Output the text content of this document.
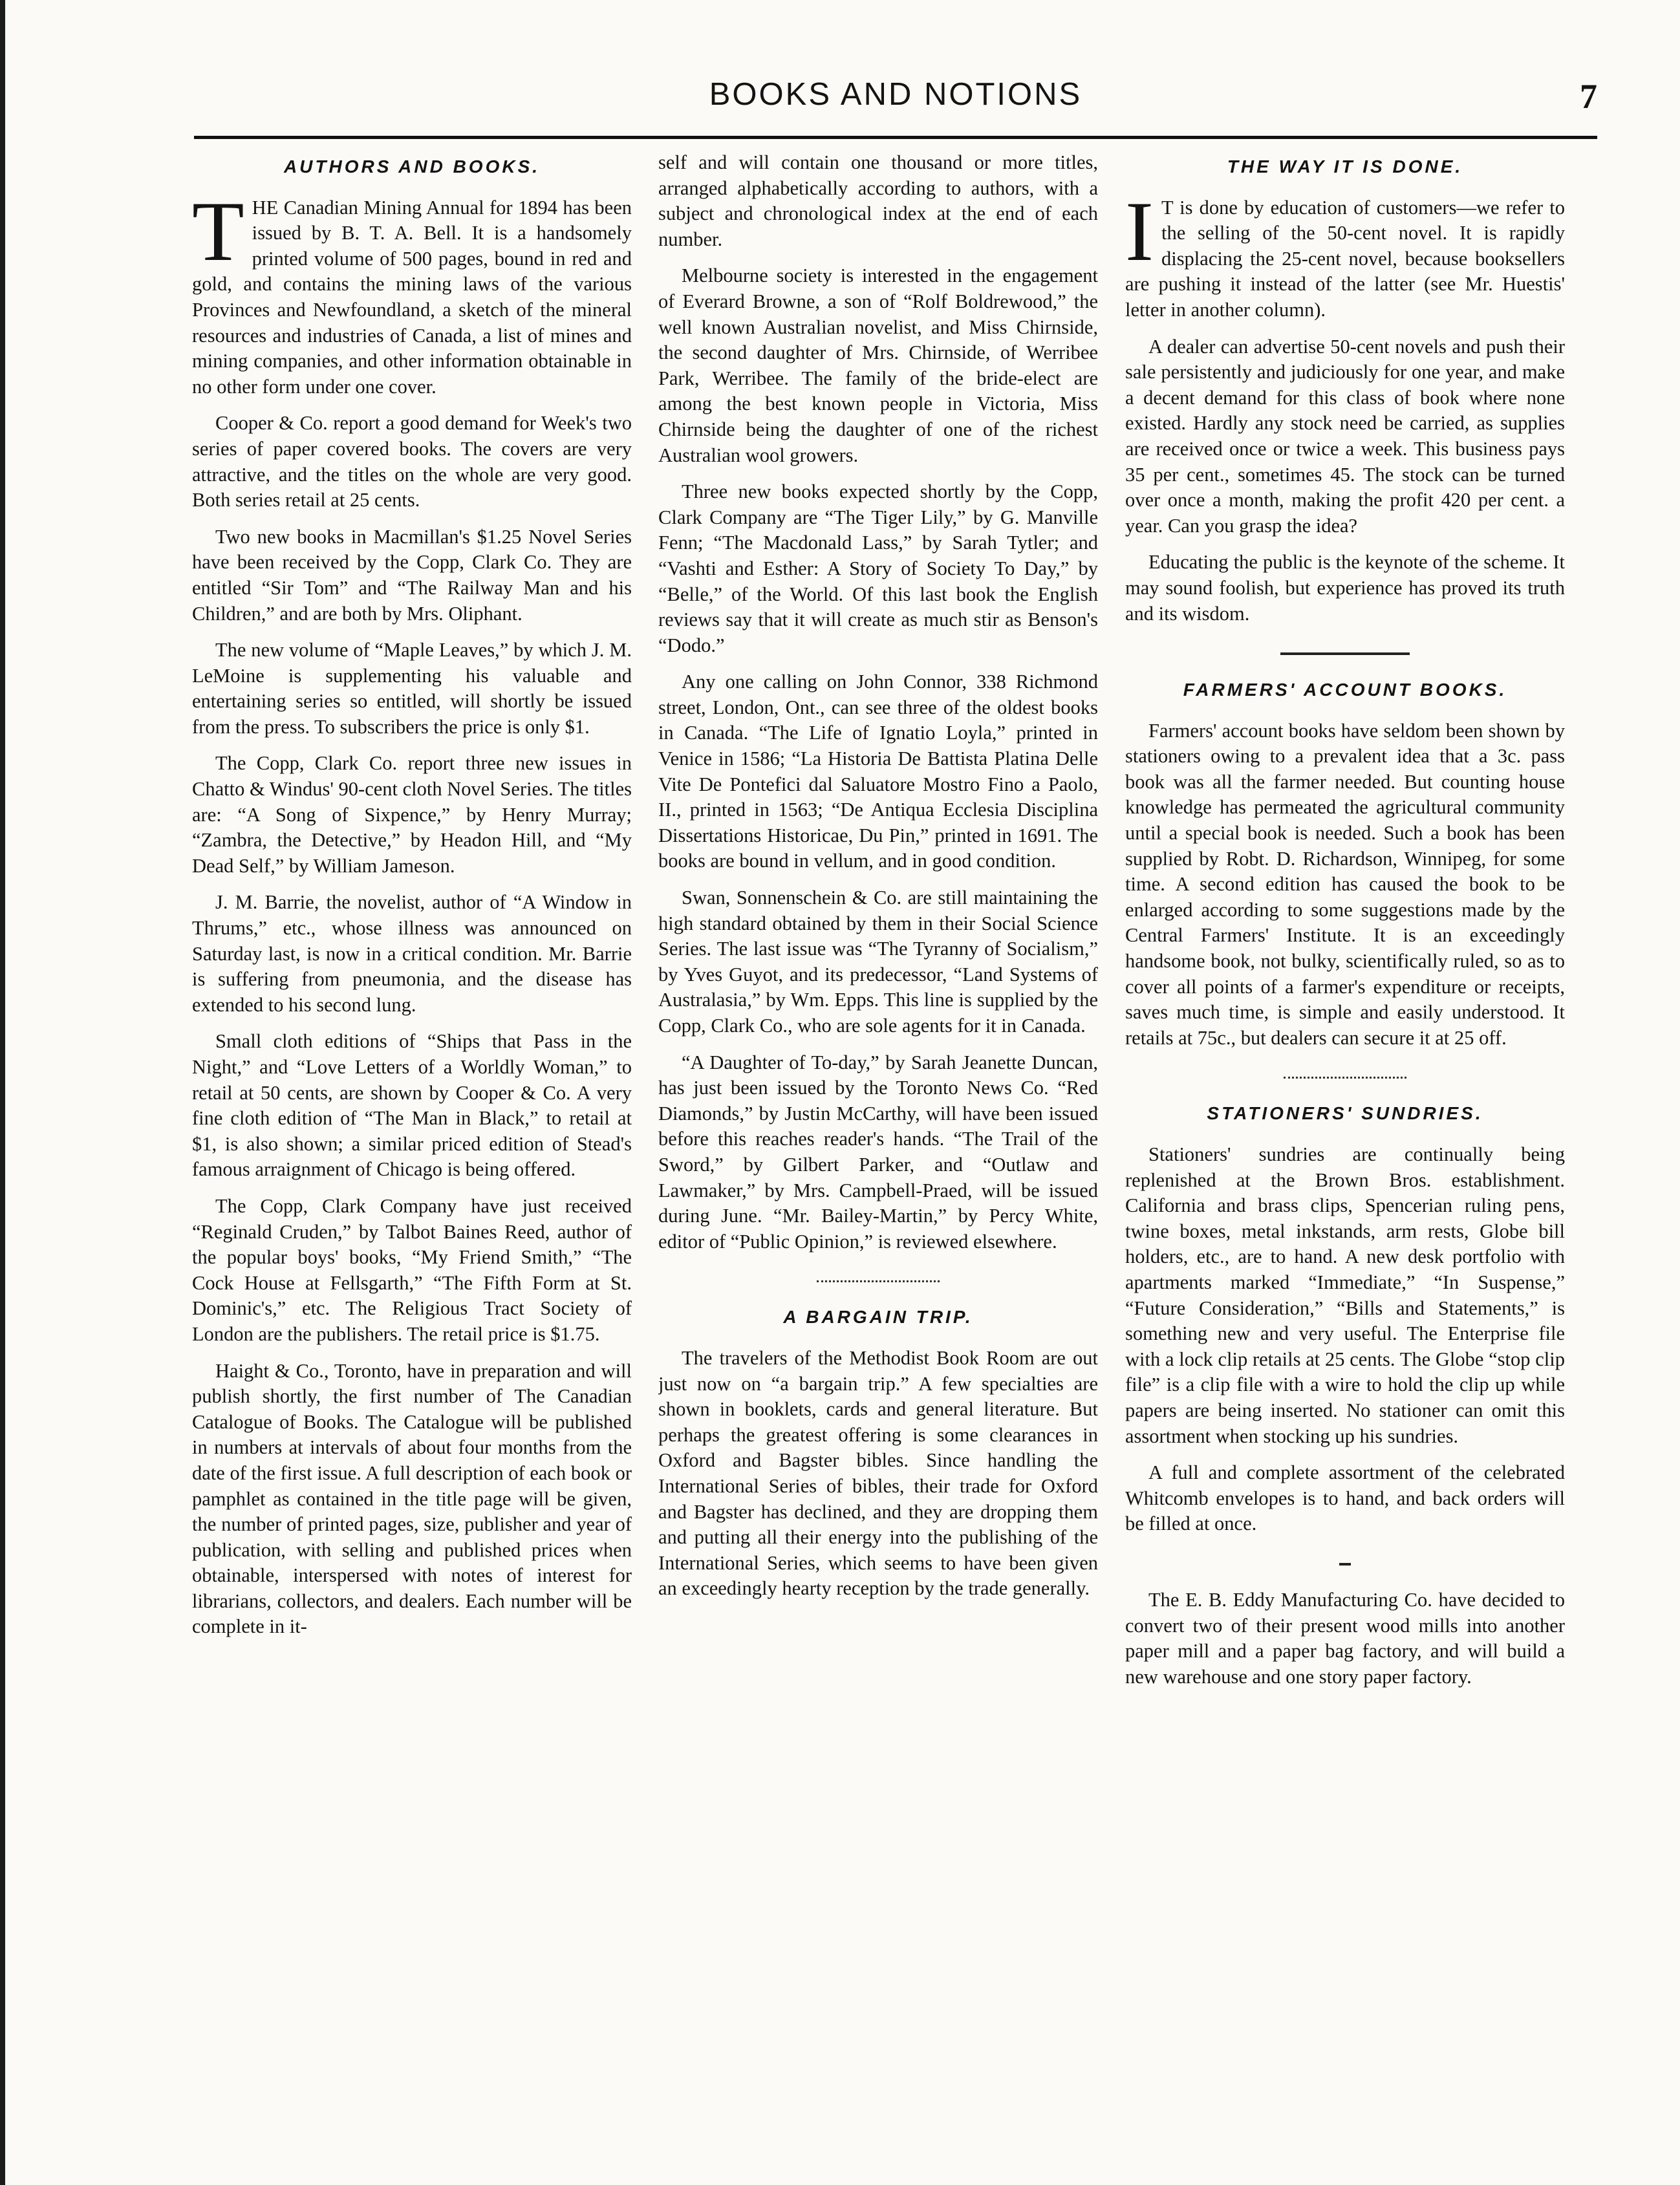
BOOKS AND NOTIONS	7
AUTHORS AND BOOKS.

THE Canadian Mining Annual for 1894 has been issued by B. T. A. Bell. It is a handsomely printed volume of 500 pages, bound in red and gold, and contains the mining laws of the various Provinces and Newfoundland, a sketch of the mineral resources and industries of Canada, a list of mines and mining companies, and other information obtainable in no other form under one cover.

Cooper & Co. report a good demand for Week's two series of paper covered books. The covers are very attractive, and the titles on the whole are very good. Both series retail at 25 cents.

Two new books in Macmillan's $1.25 Novel Series have been received by the Copp, Clark Co. They are entitled “Sir Tom” and “The Railway Man and his Children,” and are both by Mrs. Oliphant.

The new volume of “Maple Leaves,” by which J. M. LeMoine is supplementing his valuable and entertaining series so entitled, will shortly be issued from the press. To subscribers the price is only $1.

The Copp, Clark Co. report three new issues in Chatto & Windus' 90-cent cloth Novel Series. The titles are: “A Song of Sixpence,” by Henry Murray; “Zambra, the Detective,” by Headon Hill, and “My Dead Self,” by William Jameson.

J. M. Barrie, the novelist, author of “A Window in Thrums,” etc., whose illness was announced on Saturday last, is now in a critical condition. Mr. Barrie is suffering from pneumonia, and the disease has extended to his second lung.

Small cloth editions of “Ships that Pass in the Night,” and “Love Letters of a Worldly Woman,” to retail at 50 cents, are shown by Cooper & Co. A very fine cloth edition of “The Man in Black,” to retail at $1, is also shown; a similar priced edition of Stead's famous arraignment of Chicago is being offered.

The Copp, Clark Company have just received “Reginald Cruden,” by Talbot Baines Reed, author of the popular boys' books, “My Friend Smith,” “The Cock House at Fellsgarth,” “The Fifth Form at St. Dominic's,” etc. The Religious Tract Society of London are the publishers. The retail price is $1.75.

Haight & Co., Toronto, have in preparation and will publish shortly, the first number of The Canadian Catalogue of Books. The Catalogue will be published in numbers at intervals of about four months from the date of the first issue. A full description of each book or pamphlet as contained in the title page will be given, the number of printed pages, size, publisher and year of publication, with selling and published prices when obtainable, interspersed with notes of interest for librarians, collectors, and dealers. Each number will be complete in it-

self and will contain one thousand or more titles, arranged alphabetically according to authors, with a subject and chronological index at the end of each number.

Melbourne society is interested in the engagement of Everard Browne, a son of “Rolf Boldrewood,” the well known Australian novelist, and Miss Chirnside, the second daughter of Mrs. Chirnside, of Werribee Park, Werribee. The family of the bride-elect are among the best known people in Victoria, Miss Chirnside being the daughter of one of the richest Australian wool growers.

Three new books expected shortly by the Copp, Clark Company are “The Tiger Lily,” by G. Manville Fenn; “The Macdonald Lass,” by Sarah Tytler; and “Vashti and Esther: A Story of Society To Day,” by “Belle,” of the World. Of this last book the English reviews say that it will create as much stir as Benson's “Dodo.”

Any one calling on John Connor, 338 Richmond street, London, Ont., can see three of the oldest books in Canada. “The Life of Ignatio Loyla,” printed in Venice in 1586; “La Historia De Battista Platina Delle Vite De Pontefici dal Saluatore Mostro Fino a Paolo, II., printed in 1563; “De Antiqua Ecclesia Disciplina Dissertations Historicae, Du Pin,” printed in 1691. The books are bound in vellum, and in good condition.

Swan, Sonnenschein & Co. are still maintaining the high standard obtained by them in their Social Science Series. The last issue was “The Tyranny of Socialism,” by Yves Guyot, and its predecessor, “Land Systems of Australasia,” by Wm. Epps. This line is supplied by the Copp, Clark Co., who are sole agents for it in Canada.

“A Daughter of To-day,” by Sarah Jeanette Duncan, has just been issued by the Toronto News Co. “Red Diamonds,” by Justin McCarthy, will have been issued before this reaches reader's hands. “The Trail of the Sword,” by Gilbert Parker, and “Outlaw and Lawmaker,” by Mrs. Campbell-Praed, will be issued during June. “Mr. Bailey-Martin,” by Percy White, editor of “Public Opinion,” is reviewed elsewhere.

A BARGAIN TRIP.

The travelers of the Methodist Book Room are out just now on “a bargain trip.” A few specialties are shown in booklets, cards and general literature. But perhaps the greatest offering is some clearances in Oxford and Bagster bibles. Since handling the International Series of bibles, their trade for Oxford and Bagster has declined, and they are dropping them and putting all their energy into the publishing of the International Series, which seems to have been given an exceedingly hearty reception by the trade generally.

THE WAY IT IS DONE.

I T is done by education of customers—we refer to the selling of the 50-cent novel. It is rapidly displacing the 25-cent novel, because booksellers are pushing it instead of the latter (see Mr. Huestis' letter in another column).

A dealer can advertise 50-cent novels and push their sale persistently and judiciously for one year, and make a decent demand for this class of book where none existed. Hardly any stock need be carried, as supplies are received once or twice a week. This business pays 35 per cent., sometimes 45. The stock can be turned over once a month, making the profit 420 per cent. a year. Can you grasp the idea?

Educating the public is the keynote of the scheme. It may sound foolish, but experience has proved its truth and its wisdom.

FARMERS' ACCOUNT BOOKS.

Farmers' account books have seldom been shown by stationers owing to a prevalent idea that a 3c. pass book was all the farmer needed. But counting house knowledge has permeated the agricultural community until a special book is needed. Such a book has been supplied by Robt. D. Richardson, Winnipeg, for some time. A second edition has caused the book to be enlarged according to some suggestions made by the Central Farmers' Institute. It is an exceedingly handsome book, not bulky, scientifically ruled, so as to cover all points of a farmer's expenditure or receipts, saves much time, is simple and easily understood. It retails at 75c., but dealers can secure it at 25 off.

STATIONERS' SUNDRIES.

Stationers' sundries are continually being replenished at the Brown Bros. establishment. California and brass clips, Spencerian ruling pens, twine boxes, metal inkstands, arm rests, Globe bill holders, etc., are to hand. A new desk portfolio with apartments marked “Immediate,” “In Suspense,” “Future Consideration,” “Bills and Statements,” is something new and very useful. The Enterprise file with a lock clip retails at 25 cents. The Globe “stop clip file” is a clip file with a wire to hold the clip up while papers are being inserted. No stationer can omit this assortment when stocking up his sundries.

A full and complete assortment of the celebrated Whitcomb envelopes is to hand, and back orders will be filled at once.

The E. B. Eddy Manufacturing Co. have decided to convert two of their present wood mills into another paper mill and a paper bag factory, and will build a new warehouse and one story paper factory.
